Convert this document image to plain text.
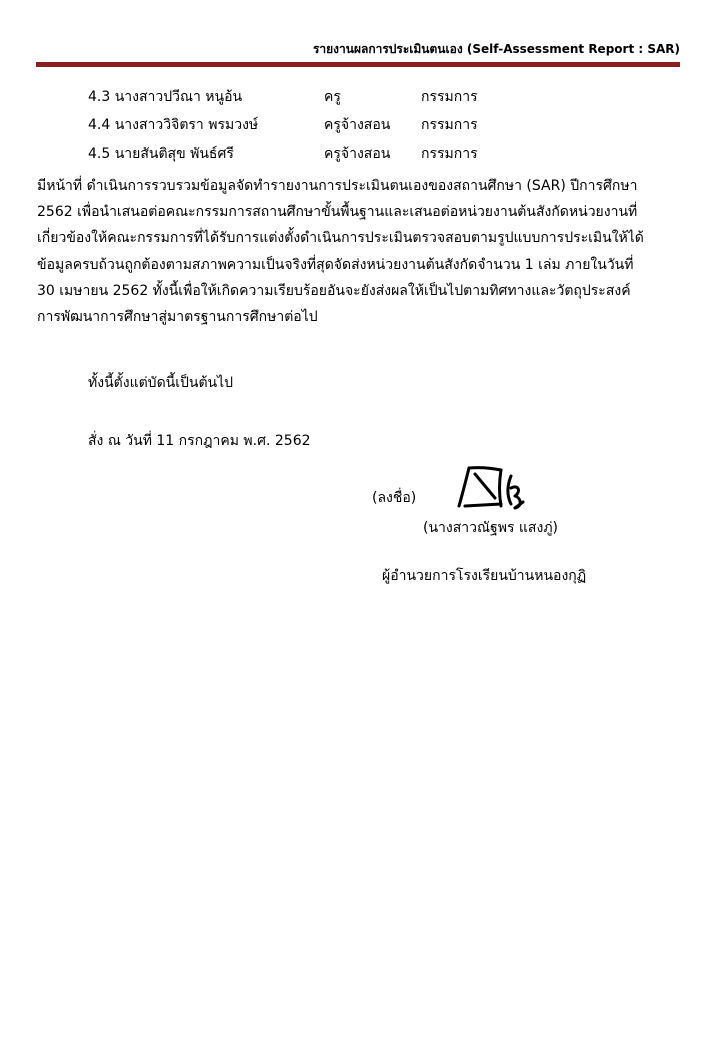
รายงานผลการประเมินตนเอง (Self-Assessment Report : SAR)
4.3 นางสาวปวีณา หนูอ้น	ครู	กรรมการ
4.4 นางสาววิจิตรา พรมวงษ์	ครูจ้างสอน กรรมการ
4.5 นายสันติสุข พันธ์ศรี	ครูจ้างสอน กรรมการ
มีหน้าที่ ดำเนินการรวบรวมข้อมูลจัดทำรายงานการประเมินตนเองของสถานศึกษา (SAR) ปีการศึกษา
2562 เพื่อนำเสนอต่อคณะกรรมการสถานศึกษาขั้นพื้นฐานและเสนอต่อหน่วยงานต้นสังกัดหน่วยงานที่
เกี่ยวข้องให้คณะกรรมการที่ได้รับการแต่งตั้งดำเนินการประเมินตรวจสอบตามรูปแบบการประเมินให้ได้
ข้อมูลครบถ้วนถูกต้องตามสภาพความเป็นจริงที่สุดจัดส่งหน่วยงานต้นสังกัดจำนวน 1 เล่ม ภายในวันที่
30 เมษายน 2562 ทั้งนี้เพื่อให้เกิดความเรียบร้อยอันจะยังส่งผลให้เป็นไปตามทิศทางและวัตถุประสงค์
การพัฒนาการศึกษาสู่มาตรฐานการศึกษาต่อไป
ทั้งนี้ตั้งแต่บัดนี้เป็นต้นไป
สั่ง ณ วันที่ 11 กรกฎาคม พ.ศ. 2562
(ลงชื่อ)
(นางสาวณัฐพร แสงภู่)
ผู้อำนวยการโรงเรียนบ้านหนองกุฏิ
